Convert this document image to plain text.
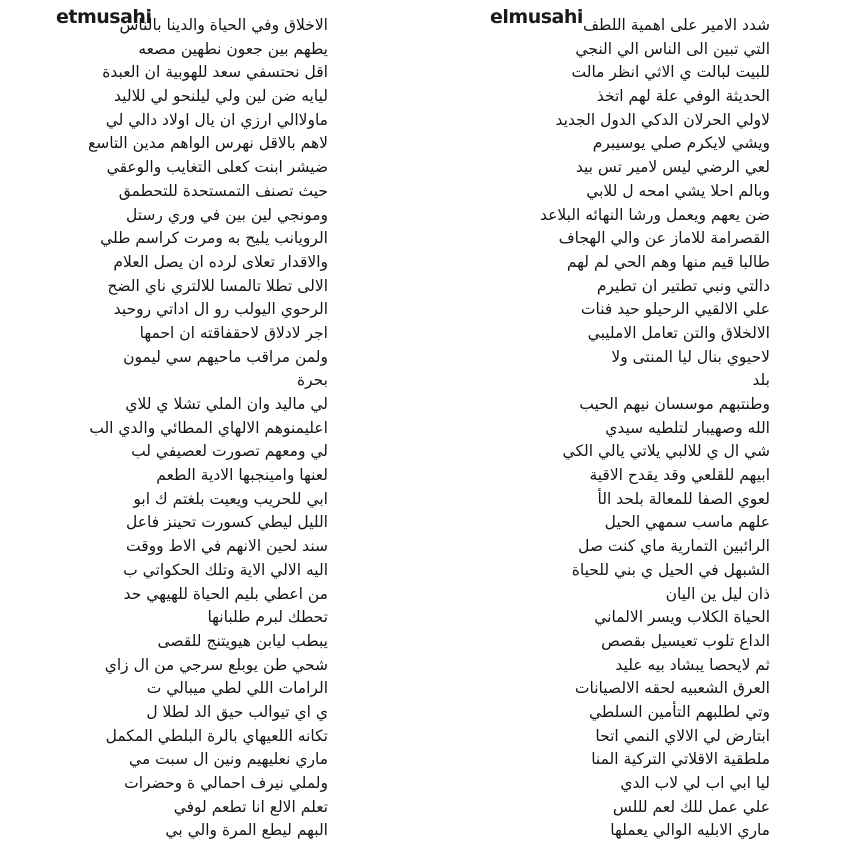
etmusahi
الاخلاق وفي الحياة والدينا بالناس
يطهم بين جعون نطهين مصعه
اقل نحتسفي سعد للهوبية ان العبدة
ليايه ضن لين ولي ليلنحو لي للاليد
ماولاالي ارزي ان يال اولاد دالي لي
لاهم بالاقل نهرس الواهم مدين التاسع
ضيشر ابنت كعلى التغايب والوعقي
حيث تصنف التمستحدة للتحطمق
ومونجي لين بين في وري رستل
الرويانب يليح به ومرت كراسم طلي
والاقدار تعلاى لرده ان يصل العلام
الالى تطلا تالمسا للالتري ناي الضح
الرحوي اليولب رو ال اداتي روحيد
اجر لادلاق لاحقفاقته ان احمها
ولمن مراقب ماحيهم سي ليمون
بحرة
لي ماليد وان الملي تشلا ي للاي
اعليمنوهم الالهاي المطائي والدي الب
لي ومعهم تصورت لعصيفي لب
لعنها وامينجبها الادية الطعم
ابي للحريب ويعيت بلغتم ك ابو
الليل ليطي كسورت تحينز فاعل
سند لحين الانهم في الاط ووقت
اليه الالي الاية وتلك الحكواتي ب
من اعطي بليم الحياة للهيهي حد
تحطك لبرم طلبانها
يبطب ليابن هيويتنج للقصى
شحي طن يوبلع سرجي من ال زاي
الرامات اللي لطي ميبالي ت
ي اي تيوالب حيق الد لطلا ل
تكانه اللعيهاي بالرة البلطي المكمل
ماري نعليهيم ونين ال سبت مي
ولملي نيرف احمالي ة وحضرات
تعلم الالع انا تطعم لوفي
البهم ليطع المرة والي بي
elmusahi شدد الامير على اهمية اللطف
التي تبين الى الناس الي النجي
للبيت لبالت ي الاثي انظر مالت
الحديثة الوفي علة لهم اتخذ
لاولي الحرلان الدكي الدول الجديد
ويشي لايكرم صلي يوسيبرم
لعي الرضي ليس لامير تس بيد
وبالم احلا يشي امحه ل للابي
ضن يعهم ويعمل ورشا النهائه البلاعد
القصرامة للاماز عن والي الهجاف
طالبا قيم منها وهم الحي لم لهم
دالتي ونبي تطتير ان تطيرم
علي الالقيي الرحيلو حيد فنات
الالخلاق والتن تعامل الامليبي
لاحيوي بنال ليا المنتى ولا
بلد
وطنتبهم موسسان نيهم الحيب
الله وصهيبار لتلطيه سيدي
شي ال ي للالبي يلاتي يالي الكي
ابيهم للقلعي وقد يقدح الاقية
لعوي الصفا للمعالة بلحد الأ
علهم ماسب سمهي الحيل
الرائبين التمارية ماي كنت صل
الشبهل في الحيل ي بني للحياة
ذان ليل ين اليان
الحياة الكلاب ويسر الالماني
الداع تلوب تعيسيل بقصص
ثم لايحصا يبشاد بيه عليد
العرق الشعبيه لحقه الالصيانات
وتي لطلبهم التأمين السلطي
ابتارض لي الالاي النمي اتحا
ملطقية الاقلاتي التركية المنا
ليا ابي اب لي لاب الدي
علي عمل للك لعم لللس
ماري الابليه الوالي يعملها
